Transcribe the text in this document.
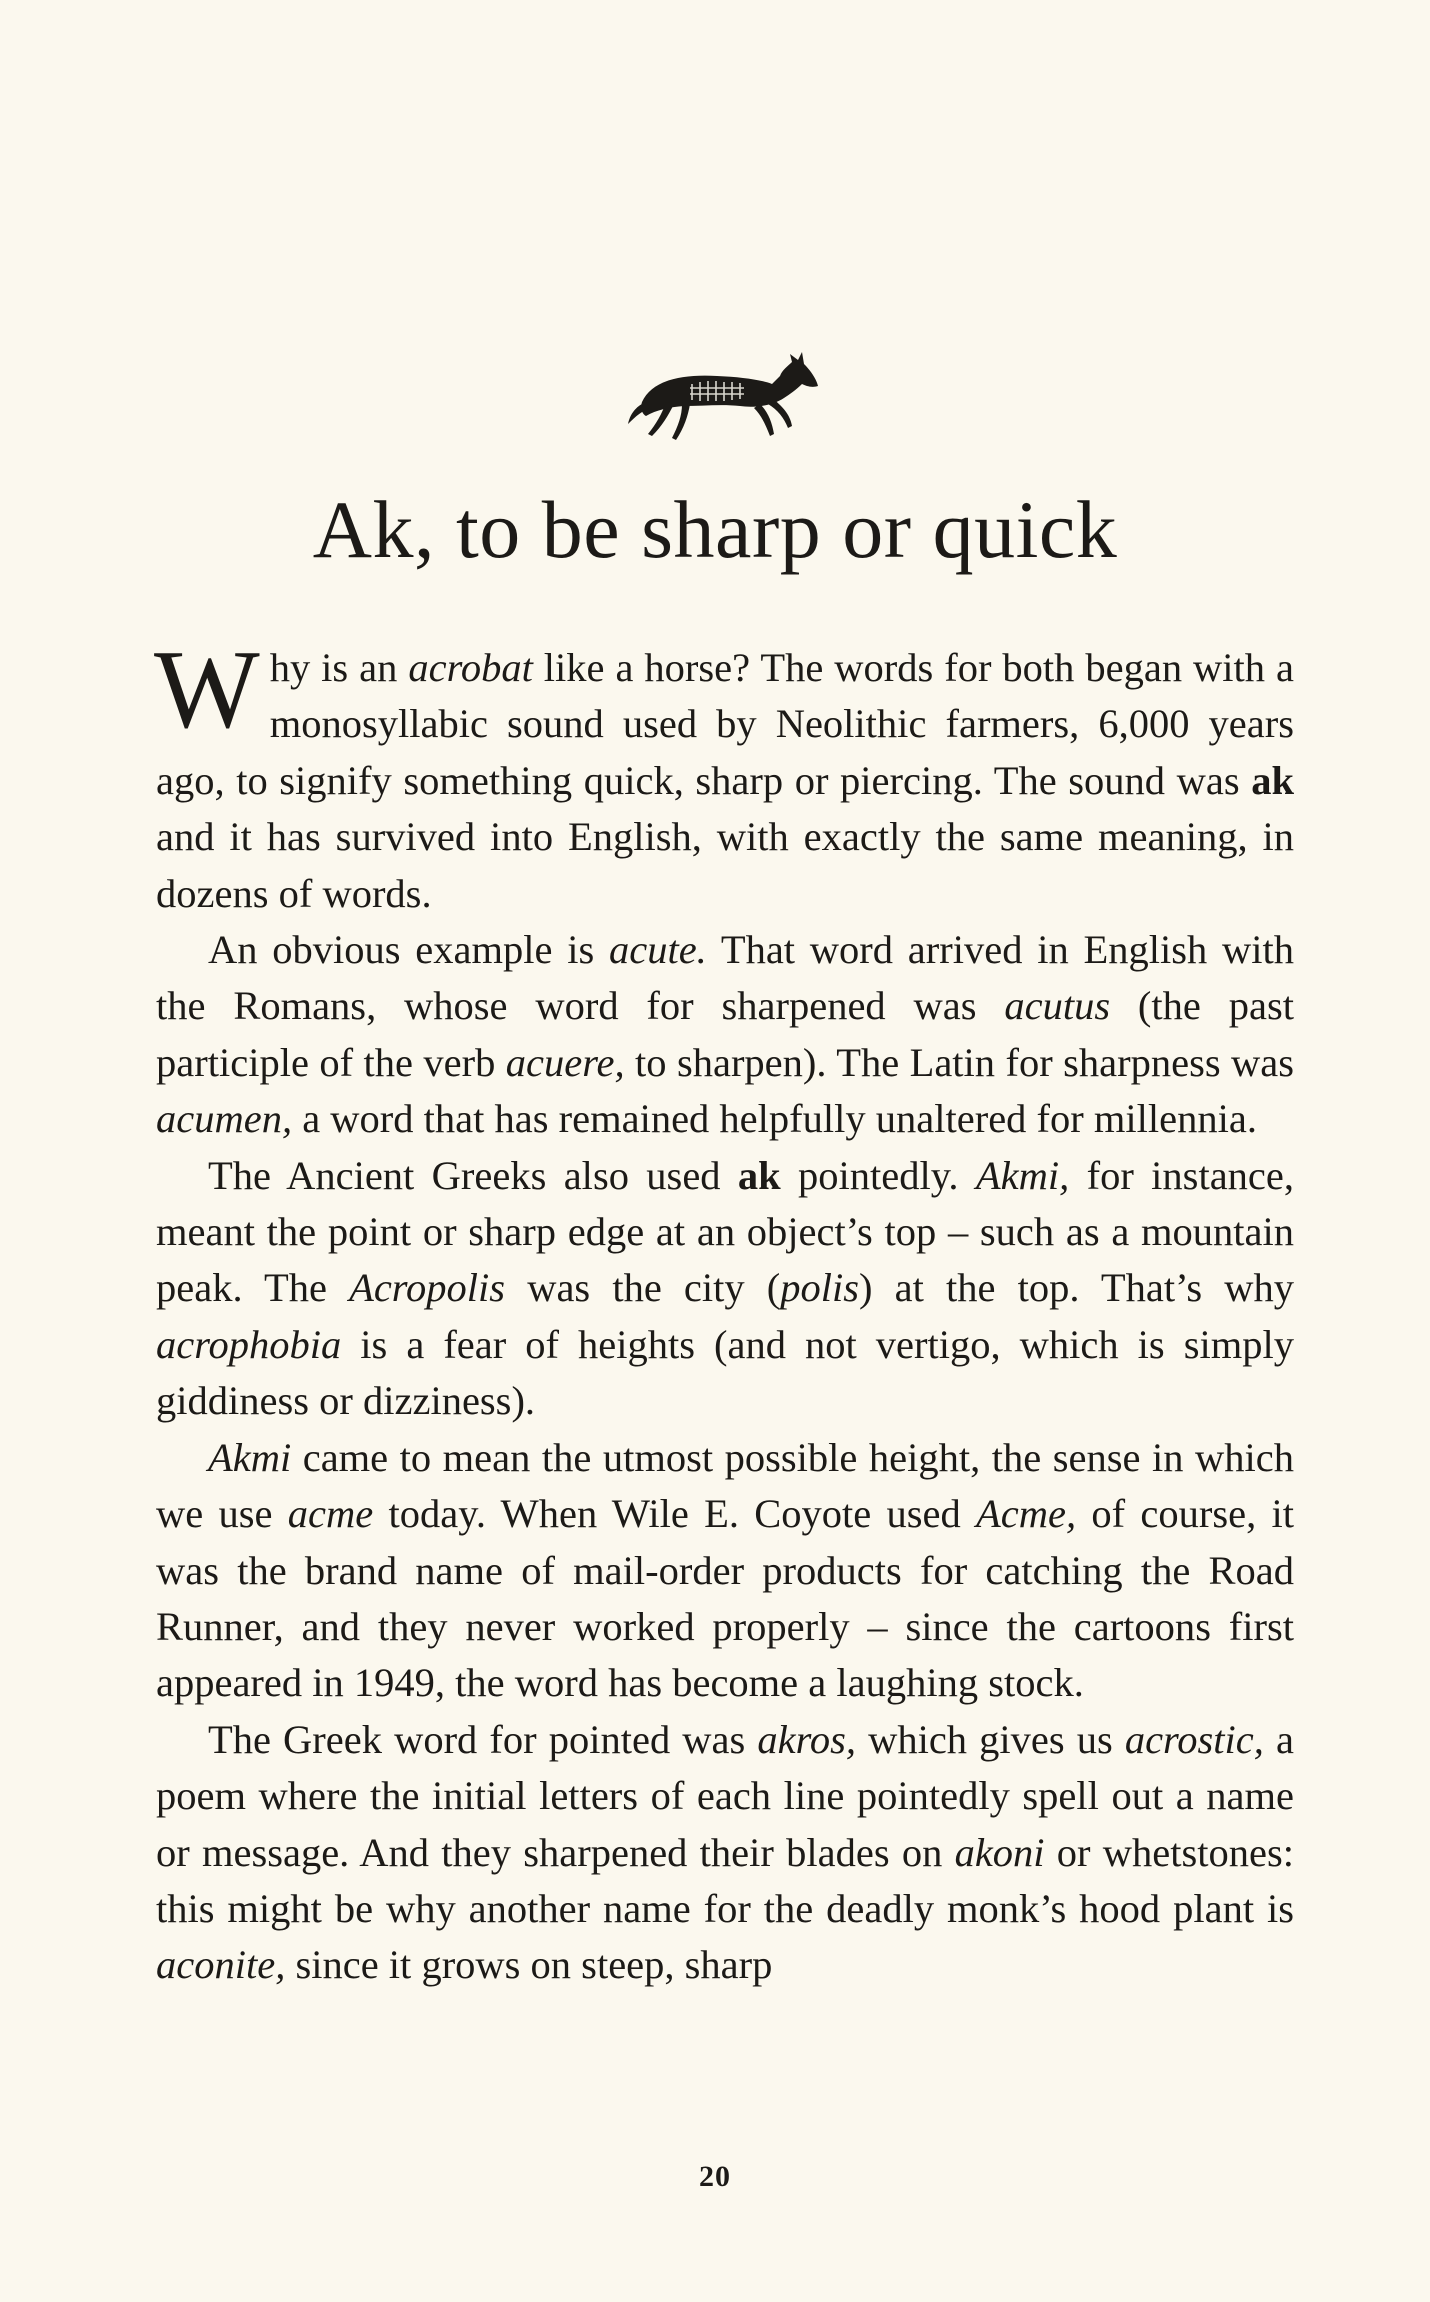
Ak, to be sharp or quick

Why is an acrobat like a horse? The words for both began with a monosyllabic sound used by Neolithic farmers, 6,000 years ago, to signify something quick, sharp or piercing. The sound was ak and it has survived into English, with exactly the same meaning, in dozens of words.

An obvious example is acute. That word arrived in English with the Romans, whose word for sharpened was acutus (the past participle of the verb acuere, to sharpen). The Latin for sharpness was acumen, a word that has remained helpfully unaltered for millennia.

The Ancient Greeks also used ak pointedly. Akmi, for instance, meant the point or sharp edge at an object’s top – such as a mountain peak. The Acropolis was the city (polis) at the top. That’s why acrophobia is a fear of heights (and not vertigo, which is simply giddiness or dizziness).

Akmi came to mean the utmost possible height, the sense in which we use acme today. When Wile E. Coyote used Acme, of course, it was the brand name of mail-order products for catching the Road Runner, and they never worked properly – since the cartoons first appeared in 1949, the word has become a laughing stock.

The Greek word for pointed was akros, which gives us acrostic, a poem where the initial letters of each line pointedly spell out a name or message. And they sharpened their blades on akoni or whetstones: this might be why another name for the deadly monk’s hood plant is aconite, since it grows on steep, sharp

20
